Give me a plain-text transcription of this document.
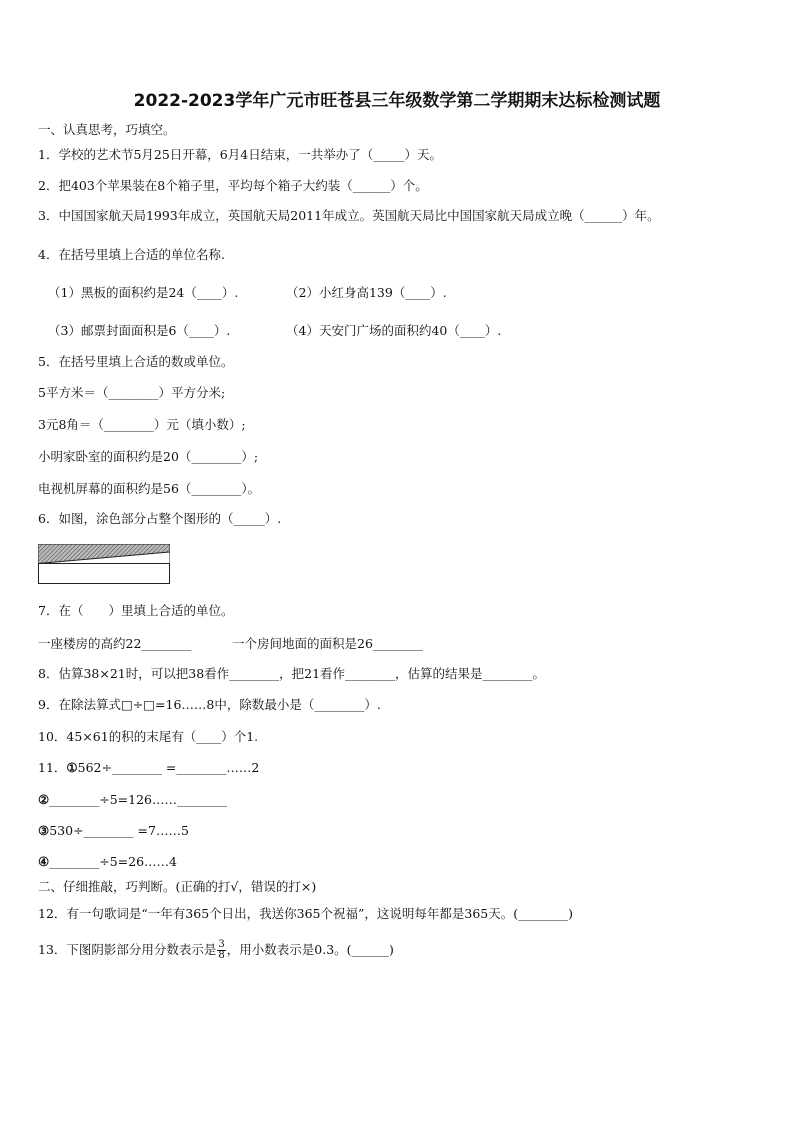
2022-2023学年广元市旺苍县三年级数学第二学期期末达标检测试题
一、认真思考，巧填空。
1．学校的艺术节5月25日开幕，6月4日结束，一共举办了（_____）天。
2．把403个苹果装在8个箱子里，平均每个箱子大约装（______）个。
3．中国国家航天局1993年成立，英国航天局2011年成立。英国航天局比中国国家航天局成立晚（______）年。
4．在括号里填上合适的单位名称.
（1）黑板的面积约是24（____）.	（2）小红身高139（____）.
（3）邮票封面面积是6（____）.	（4）天安门广场的面积约40（____）.
5．在括号里填上合适的数或单位。
5平方米＝（________）平方分米;
3元8角＝（________）元（填小数）;
小明家卧室的面积约是20（________）;
电视机屏幕的面积约是56（________）。
6．如图，涂色部分占整个图形的（_____）.
7．在（　　）里填上合适的单位。
一座楼房的高约22________	一个房间地面的面积是26________
8．估算38×21时，可以把38看作________，把21看作________，估算的结果是________。
9．在除法算式□÷□=16……8中，除数最小是（________）.
10．45×61的积的末尾有（____）个1.
11．①562÷________ =________……2
②________÷5=126……________
③530÷________ =7……5
④________÷5=26……4
二、仔细推敲，巧判断。(正确的打√，错误的打×)
12．有一句歌词是“一年有365个日出，我送你365个祝福”，这说明每年都是365天。(________)
13．下图阴影部分用分数表示是 $\frac{3}{8}$ ，用小数表示是0.3。(______)
